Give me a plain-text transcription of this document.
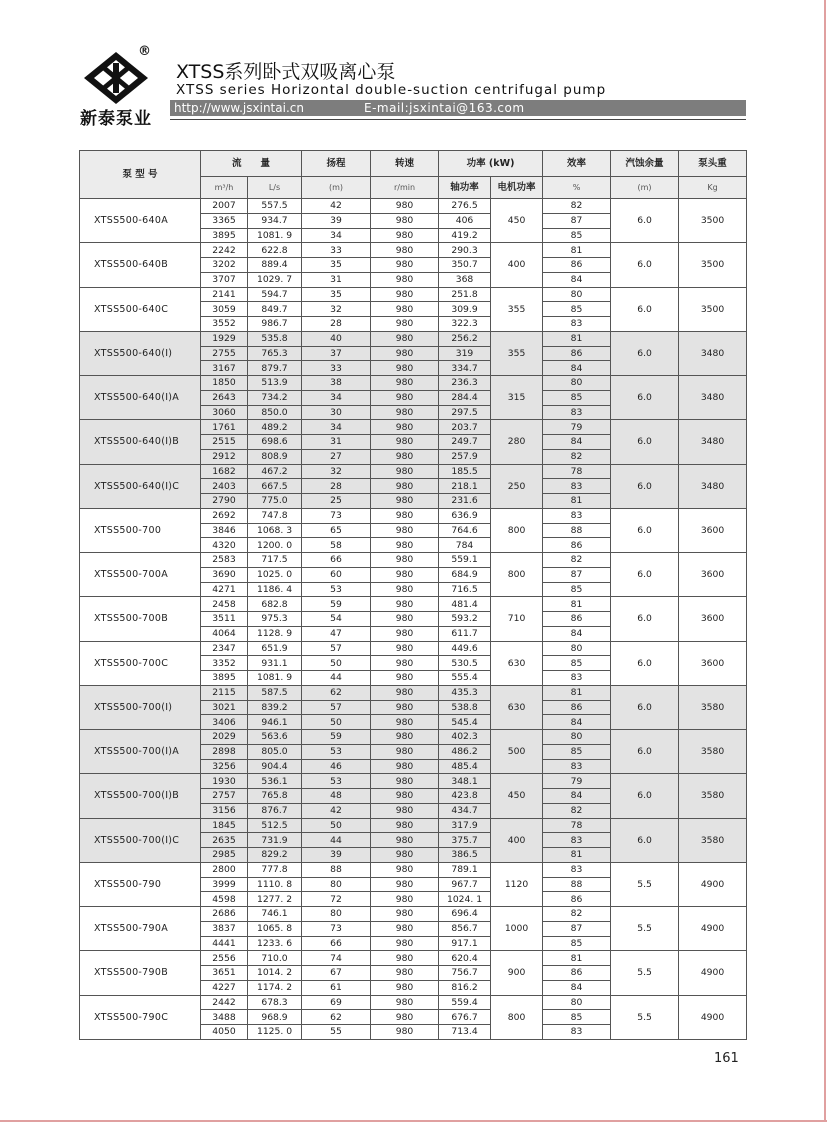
®
新泰泵业
XTSS系列卧式双吸离心泵
XTSS series Horizontal double-suction centrifugal pump
http://www.jsxintai.cn	E-mail:jsxintai@163.com
泵 型 号	流　　量		扬程	转速	功率 (kW)		效率	汽蚀余量	泵头重
	m³/h	L/s	(m)	r/min	轴功率	电机功率	%	(m)	Kg
XTSS500-640A	2007	557.5	42	980	276.5	450	82	6.0	3500
	3365	934.7	39	980	406		87		
	3895	1081. 9	34	980	419.2		85		
XTSS500-640B	2242	622.8	33	980	290.3	400	81	6.0	3500
	3202	889.4	35	980	350.7		86		
	3707	1029. 7	31	980	368		84		
XTSS500-640C	2141	594.7	35	980	251.8	355	80	6.0	3500
	3059	849.7	32	980	309.9		85		
	3552	986.7	28	980	322.3		83		
XTSS500-640(Ⅰ)	1929	535.8	40	980	256.2	355	81	6.0	3480
	2755	765.3	37	980	319		86		
	3167	879.7	33	980	334.7		84		
XTSS500-640(Ⅰ)A	1850	513.9	38	980	236.3	315	80	6.0	3480
	2643	734.2	34	980	284.4		85		
	3060	850.0	30	980	297.5		83		
XTSS500-640(Ⅰ)B	1761	489.2	34	980	203.7	280	79	6.0	3480
	2515	698.6	31	980	249.7		84		
	2912	808.9	27	980	257.9		82		
XTSS500-640(Ⅰ)C	1682	467.2	32	980	185.5	250	78	6.0	3480
	2403	667.5	28	980	218.1		83		
	2790	775.0	25	980	231.6		81		
XTSS500-700	2692	747.8	73	980	636.9	800	83	6.0	3600
	3846	1068. 3	65	980	764.6		88		
	4320	1200. 0	58	980	784		86		
XTSS500-700A	2583	717.5	66	980	559.1	800	82	6.0	3600
	3690	1025. 0	60	980	684.9		87		
	4271	1186. 4	53	980	716.5		85		
XTSS500-700B	2458	682.8	59	980	481.4	710	81	6.0	3600
	3511	975.3	54	980	593.2		86		
	4064	1128. 9	47	980	611.7		84		
XTSS500-700C	2347	651.9	57	980	449.6	630	80	6.0	3600
	3352	931.1	50	980	530.5		85		
	3895	1081. 9	44	980	555.4		83		
XTSS500-700(Ⅰ)	2115	587.5	62	980	435.3	630	81	6.0	3580
	3021	839.2	57	980	538.8		86		
	3406	946.1	50	980	545.4		84		
XTSS500-700(Ⅰ)A	2029	563.6	59	980	402.3	500	80	6.0	3580
	2898	805.0	53	980	486.2		85		
	3256	904.4	46	980	485.4		83		
XTSS500-700(Ⅰ)B	1930	536.1	53	980	348.1	450	79	6.0	3580
	2757	765.8	48	980	423.8		84		
	3156	876.7	42	980	434.7		82		
XTSS500-700(Ⅰ)C	1845	512.5	50	980	317.9	400	78	6.0	3580
	2635	731.9	44	980	375.7		83		
	2985	829.2	39	980	386.5		81		
XTSS500-790	2800	777.8	88	980	789.1	1120	83	5.5	4900
	3999	1110. 8	80	980	967.7		88		
	4598	1277. 2	72	980	1024. 1		86		
XTSS500-790A	2686	746.1	80	980	696.4	1000	82	5.5	4900
	3837	1065. 8	73	980	856.7		87		
	4441	1233. 6	66	980	917.1		85		
XTSS500-790B	2556	710.0	74	980	620.4	900	81	5.5	4900
	3651	1014. 2	67	980	756.7		86		
	4227	1174. 2	61	980	816.2		84		
XTSS500-790C	2442	678.3	69	980	559.4	800	80	5.5	4900
	3488	968.9	62	980	676.7		85		
	4050	1125. 0	55	980	713.4		83		
161
